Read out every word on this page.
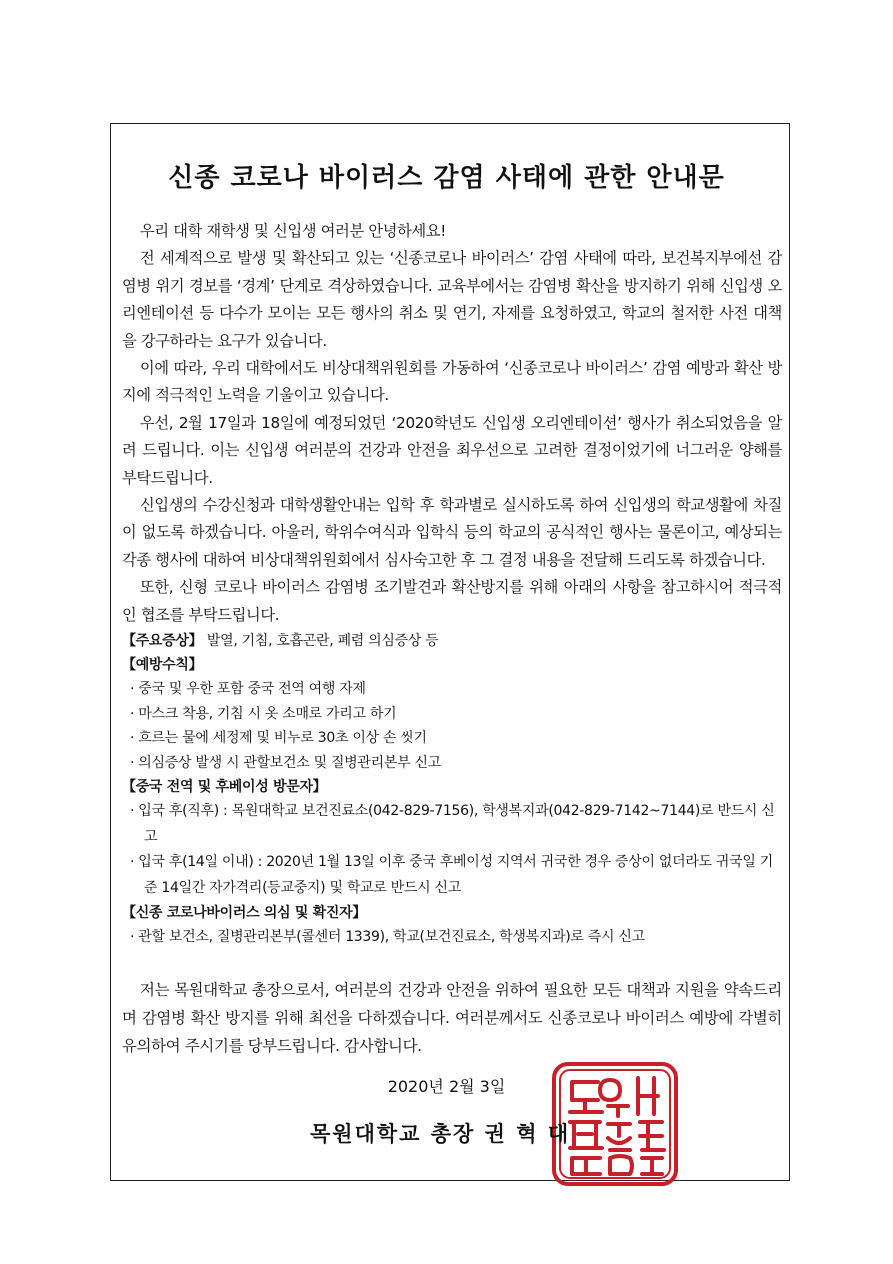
신종 코로나 바이러스 감염 사태에 관한 안내문

우리 대학 재학생 및 신입생 여러분 안녕하세요!

전 세계적으로 발생 및 확산되고 있는 ‘신종코로나 바이러스’ 감염 사태에 따라, 보건복지부에선 감염병 위기 경보를 ‘경계’ 단계로 격상하였습니다. 교육부에서는 감염병 확산을 방지하기 위해 신입생 오리엔테이션 등 다수가 모이는 모든 행사의 취소 및 연기, 자제를 요청하였고, 학교의 철저한 사전 대책을 강구하라는 요구가 있습니다.

이에 따라, 우리 대학에서도 비상대책위원회를 가동하여 ‘신종코로나 바이러스’ 감염 예방과 확산 방지에 적극적인 노력을 기울이고 있습니다.

우선, 2월 17일과 18일에 예정되었던 ‘2020학년도 신입생 오리엔테이션’ 행사가 취소되었음을 알려 드립니다. 이는 신입생 여러분의 건강과 안전을 최우선으로 고려한 결정이었기에 너그러운 양해를 부탁드립니다.

신입생의 수강신청과 대학생활안내는 입학 후 학과별로 실시하도록 하여 신입생의 학교생활에 차질이 없도록 하겠습니다. 아울러, 학위수여식과 입학식 등의 학교의 공식적인 행사는 물론이고, 예상되는 각종 행사에 대하여 비상대책위원회에서 심사숙고한 후 그 결정 내용을 전달해 드리도록 하겠습니다.

또한, 신형 코로나 바이러스 감염병 조기발견과 확산방지를 위해 아래의 사항을 참고하시어 적극적인 협조를 부탁드립니다.

【주요증상】 발열, 기침, 호흡곤란, 폐렴 의심증상 등

【예방수칙】

· 중국 및 우한 포함 중국 전역 여행 자제

· 마스크 착용, 기침 시 옷 소매로 가리고 하기

· 흐르는 물에 세정제 및 비누로 30초 이상 손 씻기

· 의심증상 발생 시 관할보건소 및 질병관리본부 신고

【중국 전역 및 후베이성 방문자】

· 입국 후(직후) : 목원대학교 보건진료소(042-829-7156), 학생복지과(042-829-7142~7144)로 반드시 신고

· 입국 후(14일 이내) : 2020년 1월 13일 이후 중국 후베이성 지역서 귀국한 경우 증상이 없더라도 귀국일 기준 14일간 자가격리(등교중지) 및 학교로 반드시 신고

【신종 코로나바이러스 의심 및 확진자】

· 관할 보건소, 질병관리본부(콜센터 1339), 학교(보건진료소, 학생복지과)로 즉시 신고

저는 목원대학교 총장으로서, 여러분의 건강과 안전을 위하여 필요한 모든 대책과 지원을 약속드리며 감염병 확산 방지를 위해 최선을 다하겠습니다. 여러분께서도 신종코로나 바이러스 예방에 각별히 유의하여 주시기를 당부드립니다. 감사합니다.

2020년 2월 3일
목원대학교 총장 권 혁 대
